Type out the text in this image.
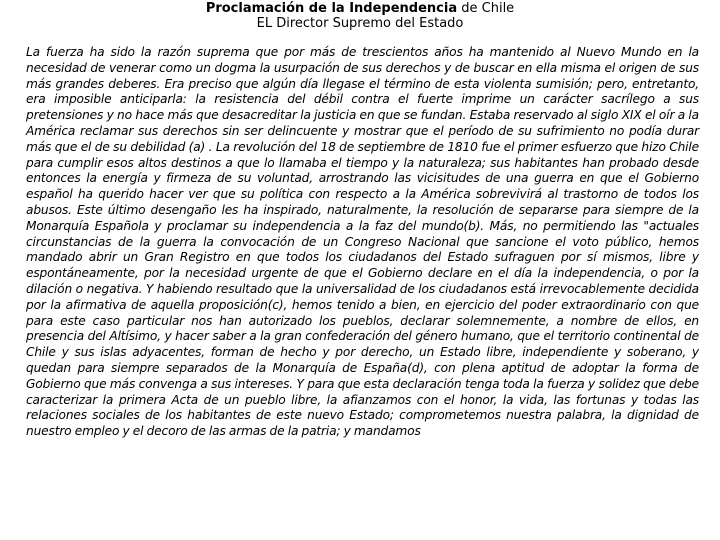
Proclamación de la Independencia de Chile
EL Director Supremo del Estado
La fuerza ha sido la razón suprema que por más de trescientos años ha mantenido al Nuevo Mundo en la necesidad de venerar como un dogma la usurpación de sus derechos y de buscar en ella misma el origen de sus más grandes deberes. Era preciso que algún día llegase el término de esta violenta sumisión; pero, entretanto, era imposible anticiparla: la resistencia del débil contra el fuerte imprime un carácter sacrílego a sus pretensiones y no hace más que desacreditar la justicia en que se fundan. Estaba reservado al siglo XIX el oír a la América reclamar sus derechos sin ser delincuente y mostrar que el período de su sufrimiento no podía durar más que el de su debilidad (a) . La revolución del 18 de septiembre de 1810 fue el primer esfuerzo que hizo Chile para cumplir esos altos destinos a que lo llamaba el tiempo y la naturaleza; sus habitantes han probado desde entonces la energía y firmeza de su voluntad, arrostrando las vicisitudes de una guerra en que el Gobierno español ha querido hacer ver que su política con respecto a la América sobrevivirá al trastorno de todos los abusos. Este último desengaño les ha inspirado, naturalmente, la resolución de separarse para siempre de la Monarquía Española y proclamar su independencia a la faz del mundo(b). Más, no permitiendo las "actuales circunstancias de la guerra la convocación de un Congreso Nacional que sancione el voto público, hemos mandado abrir un Gran Registro en que todos los ciudadanos del Estado sufraguen por sí mismos, libre y espontáneamente, por la necesidad urgente de que el Gobierno declare en el día la independencia, o por la dilación o negativa. Y habiendo resultado que la universalidad de los ciudadanos está irrevocablemente decidida por la afirmativa de aquella proposición(c), hemos tenido a bien, en ejercicio del poder extraordinario con que para este caso particular nos han autorizado los pueblos, declarar solemnemente, a nombre de ellos, en presencia del Altísimo, y hacer saber a la gran confederación del género humano, que el territorio continental de Chile y sus islas adyacentes, forman de hecho y por derecho, un Estado libre, independiente y soberano, y quedan para siempre separados de la Monarquía de España(d), con plena aptitud de adoptar la forma de Gobierno que más convenga a sus intereses. Y para que esta declaración tenga toda la fuerza y solidez que debe caracterizar la primera Acta de un pueblo libre, la afianzamos con el honor, la vida, las fortunas y todas las relaciones sociales de los habitantes de este nuevo Estado; comprometemos nuestra palabra, la dignidad de nuestro empleo y el decoro de las armas de la patria; y mandamos
